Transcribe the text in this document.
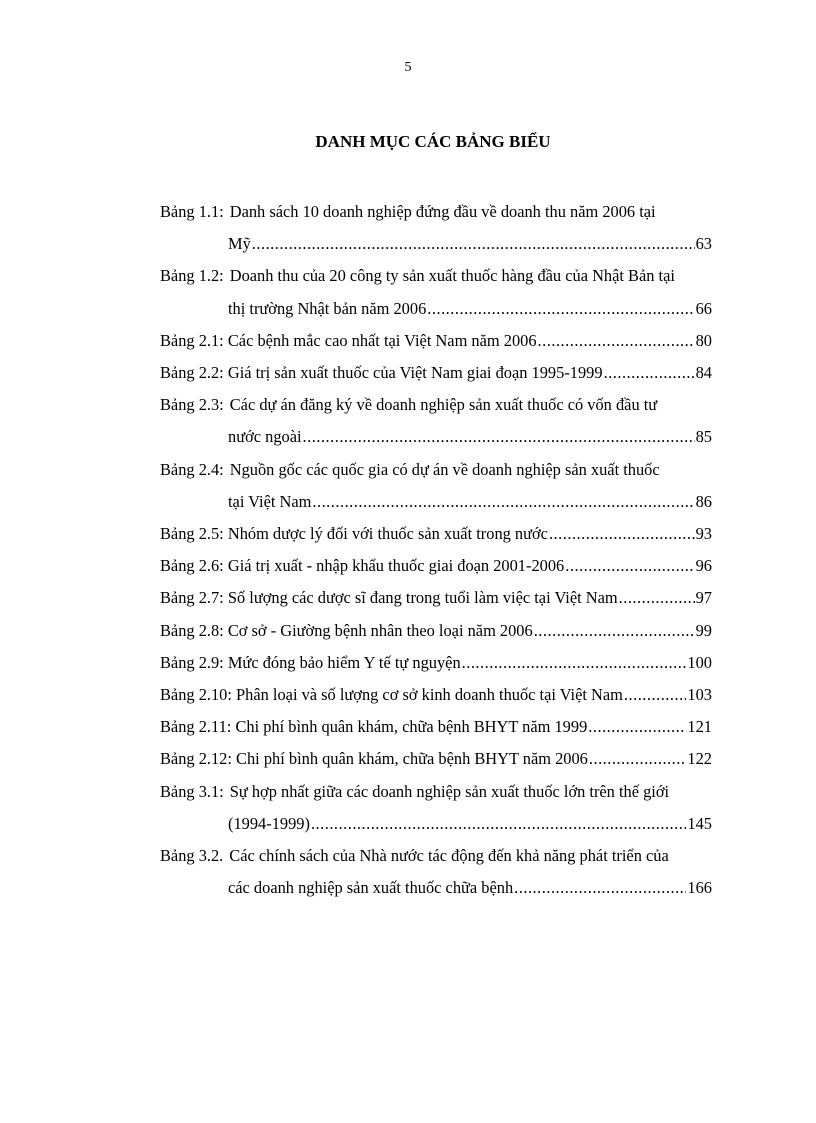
5
DANH MỤC CÁC BẢNG BIỂU
Bảng 1.1: Danh sách 10 doanh nghiệp đứng đầu về doanh thu năm 2006 tại
Mỹ .....	63
Bảng 1.2: Doanh thu của 20 công ty sản xuất thuốc hàng đầu của Nhật Bản tại
thị trường Nhật bản năm 2006 .....	66
Bảng 2.1: Các bệnh mắc cao nhất tại Việt Nam năm 2006 .....	80
Bảng 2.2: Giá trị sản xuất thuốc của Việt Nam giai đoạn 1995-1999 .....	84
Bảng 2.3: Các dự án đăng ký về doanh nghiệp sản xuất thuốc có vốn đầu tư
nước ngoài .....	85
Bảng 2.4: Nguồn gốc các quốc gia có dự án về doanh nghiệp sản xuất thuốc
tại Việt Nam .....	86
Bảng 2.5: Nhóm dược lý đối với thuốc sản xuất trong nước .....	93
Bảng 2.6: Giá trị xuất - nhập khẩu thuốc giai đoạn 2001-2006 .....	96
Bảng 2.7: Số lượng các dược sĩ đang trong tuổi làm việc tại Việt Nam .....	97
Bảng 2.8: Cơ sở - Giường bệnh nhân theo loại năm 2006 .....	99
Bảng 2.9: Mức đóng bảo hiểm Y tế tự nguyện .....	100
Bảng 2.10: Phân loại và số lượng cơ sở kinh doanh thuốc tại Việt Nam .....	103
Bảng 2.11: Chi phí bình quân khám, chữa bệnh BHYT năm 1999 .....	121
Bảng 2.12: Chi phí bình quân khám, chữa bệnh BHYT năm 2006 .....	122
Bảng 3.1: Sự hợp nhất giữa các doanh nghiệp sản xuất thuốc lớn trên thế giới
(1994-1999) .....	145
Bảng 3.2. Các chính sách của Nhà nước tác động đến khả năng phát triển của
các doanh nghiệp sản xuất thuốc chữa bệnh .....	166
